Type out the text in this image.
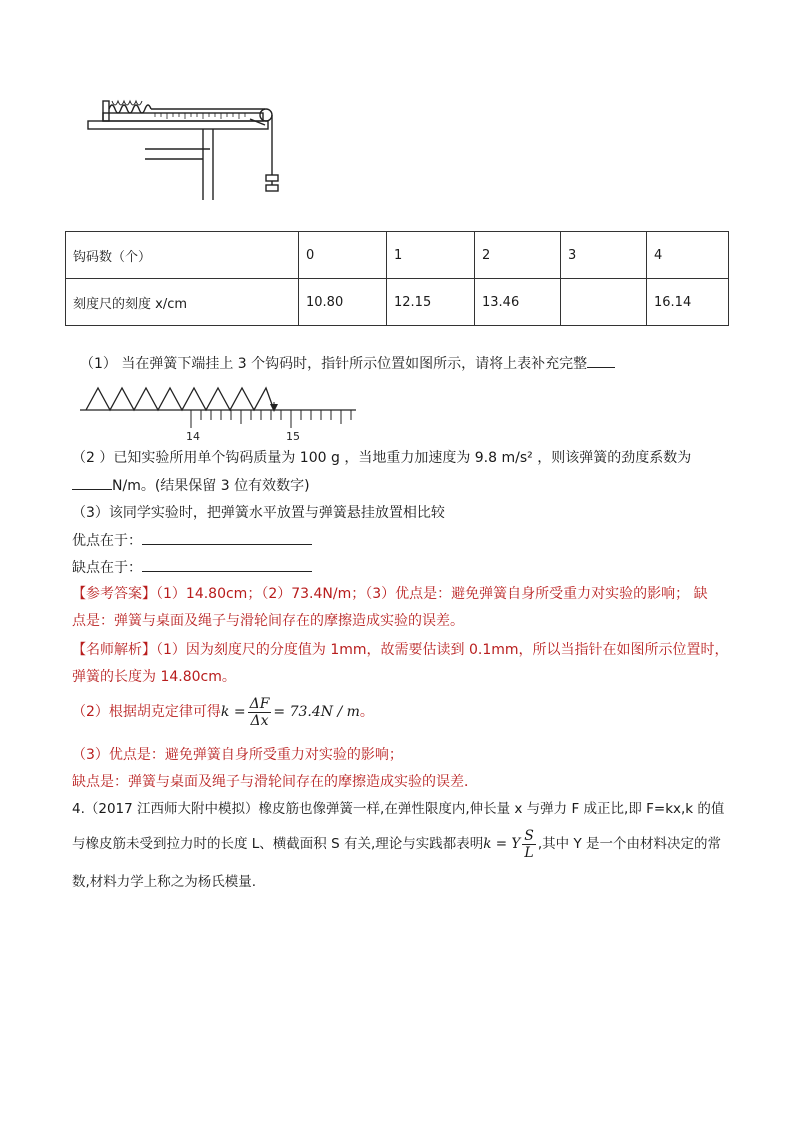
钩码数（个）	0	1	2	3	4
刻度尺的刻度 x/cm	10.80	12.15	13.46		16.14
（1） 当在弹簧下端挂上 3 个钩码时，指针所示位置如图所示，请将上表补充完整
14	15
（2 ）已知实验所用单个钩码质量为 100 g ，当地重力加速度为 9.8 m/s² ，则该弹簧的劲度系数为
N/m。(结果保留 3 位有效数字)
（3）该同学实验时，把弹簧水平放置与弹簧悬挂放置相比较
优点在于：
缺点在于：
【参考答案】（1）14.80cm；（2）73.4N/m；（3）优点是：避免弹簧自身所受重力对实验的影响； 缺
点是：弹簧与桌面及绳子与滑轮间存在的摩擦造成实验的误差。
【名师解析】（1）因为刻度尺的分度值为 1mm，故需要估读到 0.1mm，所以当指针在如图所示位置时，
弹簧的长度为 14.80cm。
（2）根据胡克定律可得$k = \frac{\Delta F}{\Delta x} = 73.4N / m$。
（3）优点是：避免弹簧自身所受重力对实验的影响；
缺点是：弹簧与桌面及绳子与滑轮间存在的摩擦造成实验的误差．
4.（2017 江西师大附中模拟）橡皮筋也像弹簧一样,在弹性限度内,伸长量 x 与弹力 F 成正比,即 F=kx,k 的值
与橡皮筋未受到拉力时的长度 L、横截面积 S 有关,理论与实践都表明k = Y $\frac{S}{L}$ ,其中 Y 是一个由材料决定的常
数,材料力学上称之为杨氏模量.
